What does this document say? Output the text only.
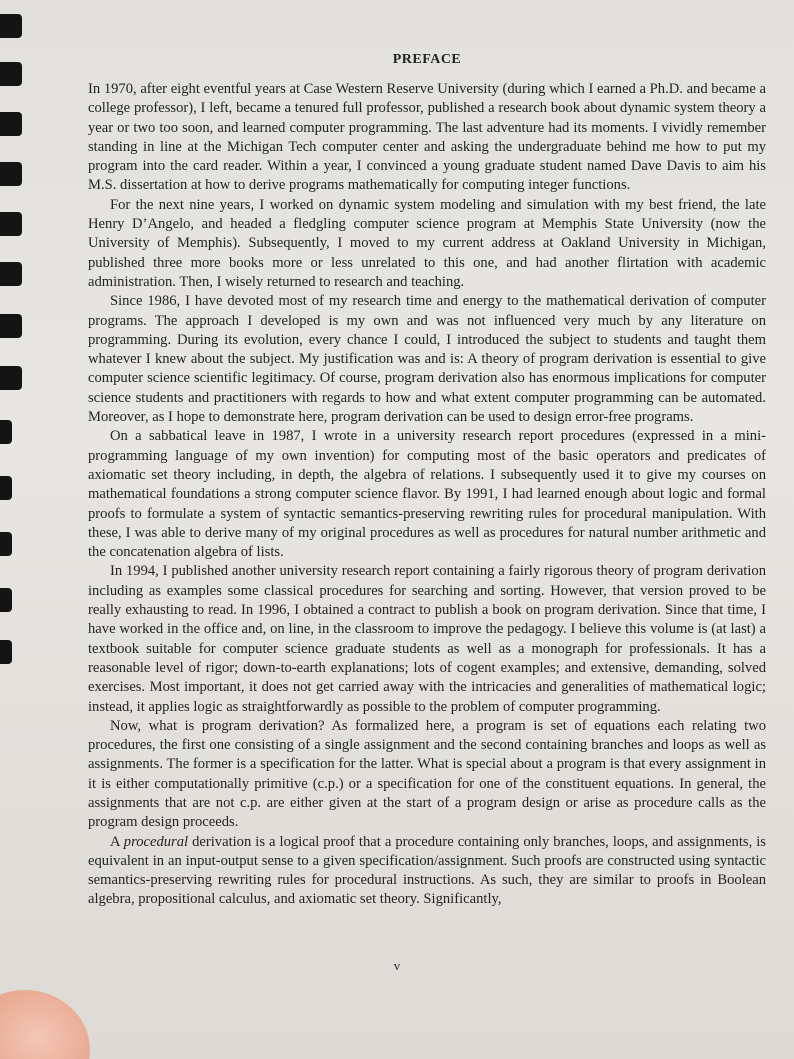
PREFACE

In 1970, after eight eventful years at Case Western Reserve University (during which I earned a Ph.D. and became a college professor), I left, became a tenured full professor, published a research book about dynamic system theory a year or two too soon, and learned computer programming. The last adventure had its moments. I vividly remember standing in line at the Michigan Tech computer center and asking the undergraduate behind me how to put my program into the card reader. Within a year, I convinced a young graduate student named Dave Davis to aim his M.S. dissertation at how to derive programs mathematically for computing integer functions.

For the next nine years, I worked on dynamic system modeling and simulation with my best friend, the late Henry D’Angelo, and headed a fledgling computer science program at Memphis State University (now the University of Memphis). Subsequently, I moved to my current address at Oakland University in Michigan, published three more books more or less unrelated to this one, and had another flirtation with academic administration. Then, I wisely returned to research and teaching.

Since 1986, I have devoted most of my research time and energy to the mathematical derivation of computer programs. The approach I developed is my own and was not influenced very much by any literature on programming. During its evolution, every chance I could, I introduced the subject to students and taught them whatever I knew about the subject. My justification was and is: A theory of program derivation is essential to give computer science scientific legitimacy. Of course, program derivation also has enormous implications for computer science students and practitioners with regards to how and what extent computer programming can be automated. Moreover, as I hope to demonstrate here, program derivation can be used to design error-free programs.

On a sabbatical leave in 1987, I wrote in a university research report procedures (expressed in a mini-programming language of my own invention) for computing most of the basic operators and predicates of axiomatic set theory including, in depth, the algebra of relations. I subsequently used it to give my courses on mathematical foundations a strong computer science flavor. By 1991, I had learned enough about logic and formal proofs to formulate a system of syntactic semantics-preserving rewriting rules for procedural manipulation. With these, I was able to derive many of my original procedures as well as procedures for natural number arithmetic and the concatenation algebra of lists.

In 1994, I published another university research report containing a fairly rigorous theory of program derivation including as examples some classical procedures for searching and sorting. However, that version proved to be really exhausting to read. In 1996, I obtained a contract to publish a book on program derivation. Since that time, I have worked in the office and, on line, in the classroom to improve the pedagogy. I believe this volume is (at last) a textbook suitable for computer science graduate students as well as a monograph for professionals. It has a reasonable level of rigor; down-to-earth explanations; lots of cogent examples; and extensive, demanding, solved exercises. Most important, it does not get carried away with the intricacies and generalities of mathematical logic; instead, it applies logic as straightforwardly as possible to the problem of computer programming.

Now, what is program derivation? As formalized here, a program is set of equations each relating two procedures, the first one consisting of a single assignment and the second containing branches and loops as well as assignments. The former is a specification for the latter. What is special about a program is that every assignment in it is either computationally primitive (c.p.) or a specification for one of the constituent equations. In general, the assignments that are not c.p. are either given at the start of a program design or arise as procedure calls as the program design proceeds.

A procedural derivation is a logical proof that a procedure containing only branches, loops, and assignments, is equivalent in an input-output sense to a given specification/assignment. Such proofs are constructed using syntactic semantics-preserving rewriting rules for procedural instructions. As such, they are similar to proofs in Boolean algebra, propositional calculus, and axiomatic set theory. Significantly,

v
